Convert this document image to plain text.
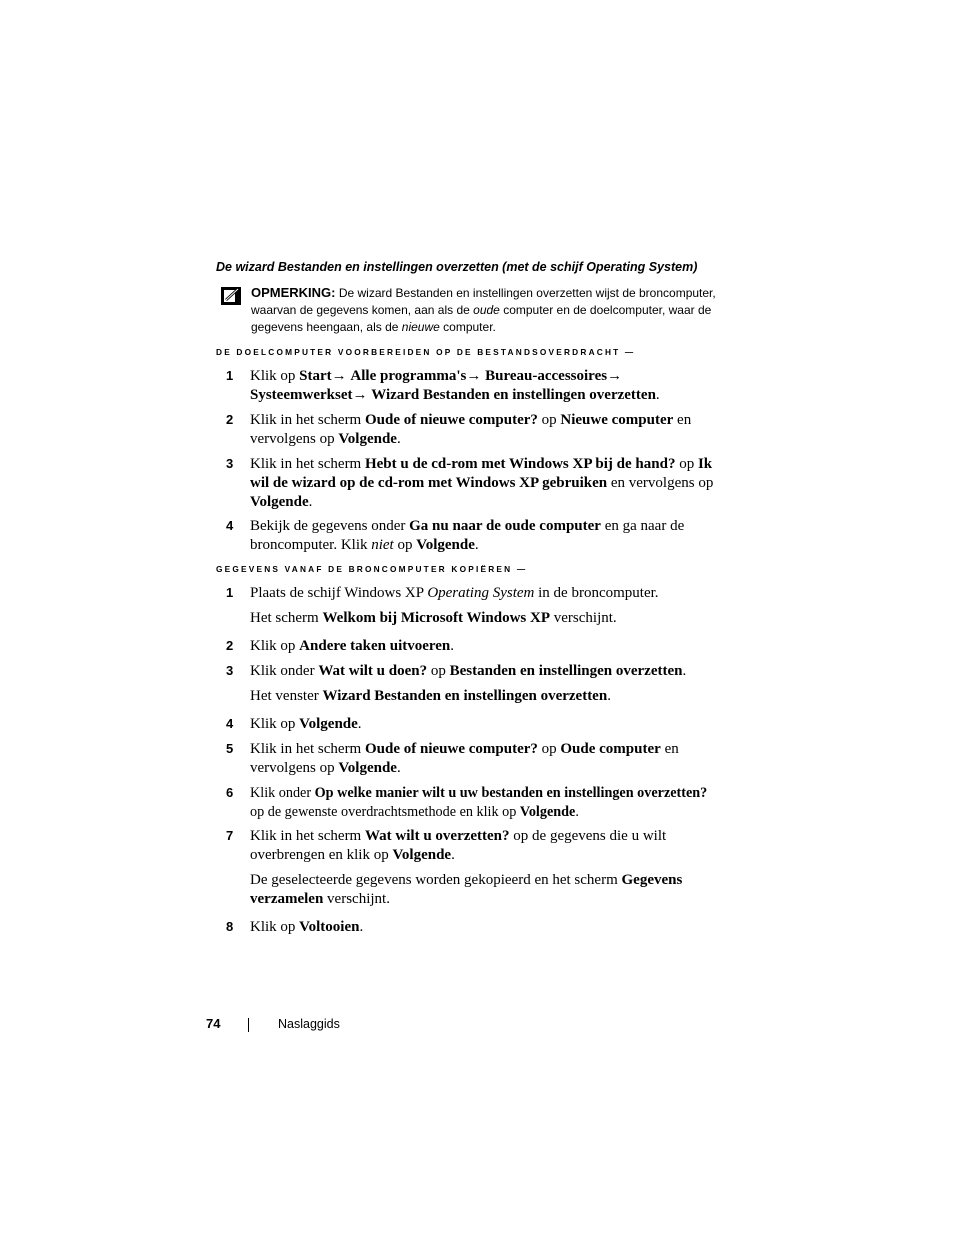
De wizard Bestanden en instellingen overzetten (met de schijf Operating System)
OPMERKING: De wizard Bestanden en instellingen overzetten wijst de broncomputer, waarvan de gegevens komen, aan als de oude computer en de doelcomputer, waar de gegevens heengaan, als de nieuwe computer.
DE DOELCOMPUTER VOORBEREIDEN OP DE BESTANDSOVERDRACHT —
1 Klik op Start→ Alle programma's→ Bureau-accessoires→
Systeemwerkset→ Wizard Bestanden en instellingen overzetten.
2 Klik in het scherm Oude of nieuwe computer? op Nieuwe computer en vervolgens op Volgende.
3 Klik in het scherm Hebt u de cd-rom met Windows XP bij de hand? op Ik wil de wizard op de cd-rom met Windows XP gebruiken en vervolgens op Volgende.
4 Bekijk de gegevens onder Ga nu naar de oude computer en ga naar de broncomputer. Klik niet op Volgende.
GEGEVENS VANAF DE BRONCOMPUTER KOPIËREN —
1 Plaats de schijf Windows XP Operating System in de broncomputer.
Het scherm Welkom bij Microsoft Windows XP verschijnt.
2 Klik op Andere taken uitvoeren.
3 Klik onder Wat wilt u doen? op Bestanden en instellingen overzetten.
Het venster Wizard Bestanden en instellingen overzetten.
4 Klik op Volgende.
5 Klik in het scherm Oude of nieuwe computer? op Oude computer en vervolgens op Volgende.
6 Klik onder Op welke manier wilt u uw bestanden en instellingen overzetten? op de gewenste overdrachtsmethode en klik op Volgende.
7 Klik in het scherm Wat wilt u overzetten? op de gegevens die u wilt overbrengen en klik op Volgende.
De geselecteerde gegevens worden gekopieerd en het scherm Gegevens verzamelen verschijnt.
8 Klik op Voltooien.
74	Naslaggids
